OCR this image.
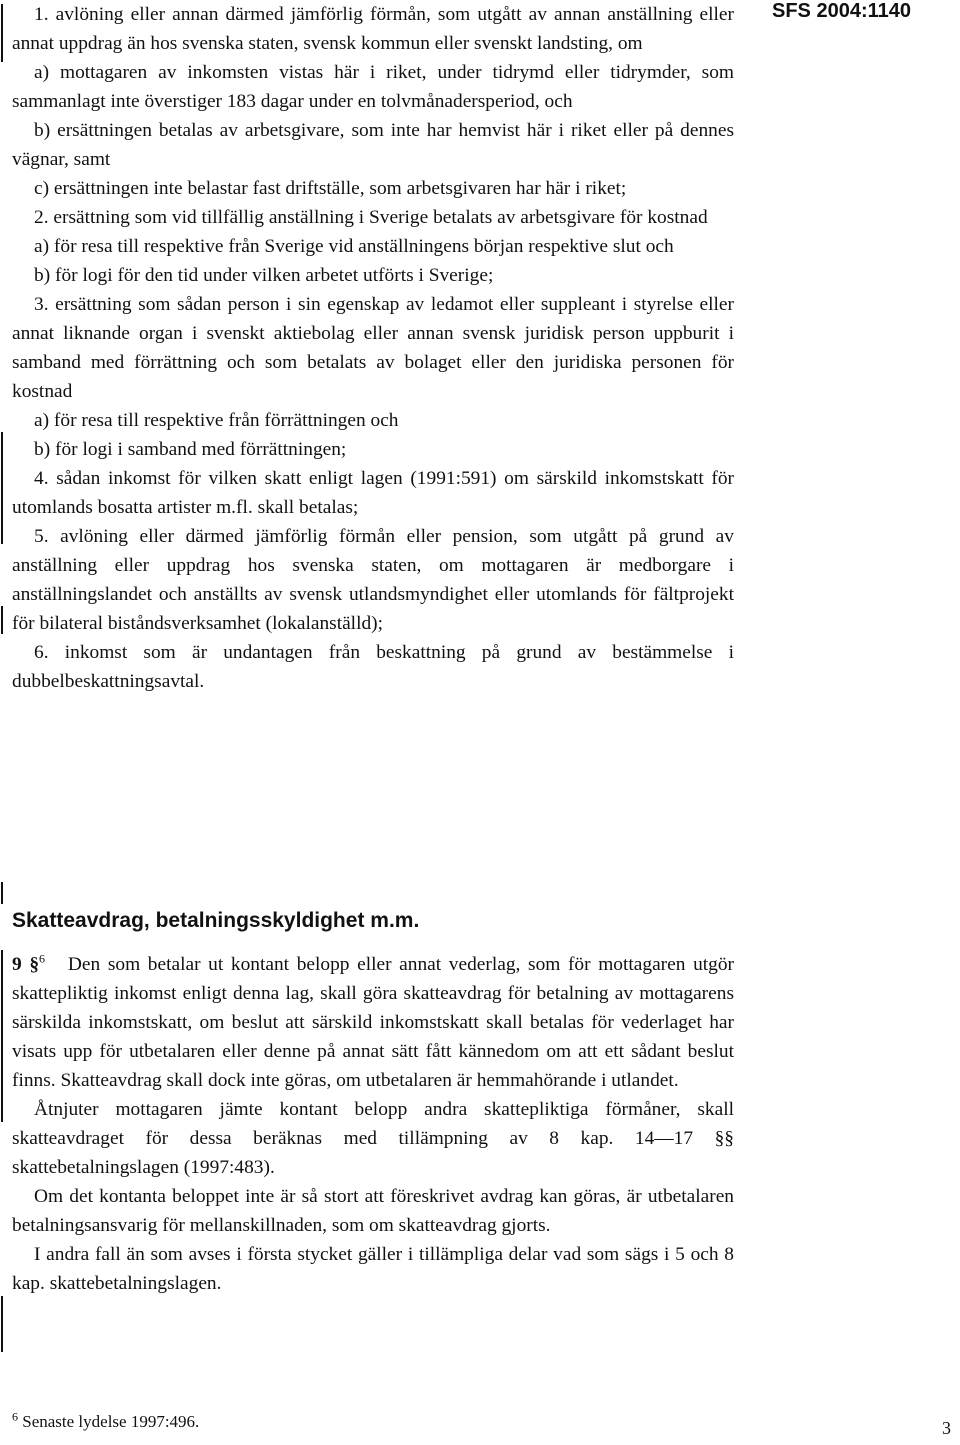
SFS 2004:1140

1. avlöning eller annan därmed jämförlig förmån, som utgått av annan anställning eller annat uppdrag än hos svenska staten, svensk kommun eller svenskt landsting, om

a) mottagaren av inkomsten vistas här i riket, under tidrymd eller tidrymder, som sammanlagt inte överstiger 183 dagar under en tolvmånadersperiod, och

b) ersättningen betalas av arbetsgivare, som inte har hemvist här i riket eller på dennes vägnar, samt

c) ersättningen inte belastar fast driftställe, som arbetsgivaren har här i riket;

2. ersättning som vid tillfällig anställning i Sverige betalats av arbetsgivare för kostnad

a) för resa till respektive från Sverige vid anställningens början respektive slut och

b) för logi för den tid under vilken arbetet utförts i Sverige;

3. ersättning som sådan person i sin egenskap av ledamot eller suppleant i styrelse eller annat liknande organ i svenskt aktiebolag eller annan svensk juridisk person uppburit i samband med förrättning och som betalats av bolaget eller den juridiska personen för kostnad

a) för resa till respektive från förrättningen och

b) för logi i samband med förrättningen;

4. sådan inkomst för vilken skatt enligt lagen (1991:591) om särskild inkomstskatt för utomlands bosatta artister m.fl. skall betalas;

5. avlöning eller därmed jämförlig förmån eller pension, som utgått på grund av anställning eller uppdrag hos svenska staten, om mottagaren är medborgare i anställningslandet och anställts av svensk utlandsmyndighet eller utomlands för fältprojekt för bilateral biståndsverksamhet (lokalanställd);

6. inkomst som är undantagen från beskattning på grund av bestämmelse i dubbelbeskattningsavtal.

Skatteavdrag, betalningsskyldighet m.m.

9 §$^6$ Den som betalar ut kontant belopp eller annat vederlag, som för mottagaren utgör skattepliktig inkomst enligt denna lag, skall göra skatteavdrag för betalning av mottagarens särskilda inkomstskatt, om beslut att särskild inkomstskatt skall betalas för vederlaget har visats upp för utbetalaren eller denne på annat sätt fått kännedom om att ett sådant beslut finns. Skatteavdrag skall dock inte göras, om utbetalaren är hemmahörande i utlandet.

Åtnjuter mottagaren jämte kontant belopp andra skattepliktiga förmåner, skall skatteavdraget för dessa beräknas med tillämpning av 8 kap. 14—17 §§ skattebetalningslagen (1997:483).

Om det kontanta beloppet inte är så stort att föreskrivet avdrag kan göras, är utbetalaren betalningsansvarig för mellanskillnaden, som om skatteavdrag gjorts.

I andra fall än som avses i första stycket gäller i tillämpliga delar vad som sägs i 5 och 8 kap. skattebetalningslagen.

$^6$ Senaste lydelse 1997:496.	3
